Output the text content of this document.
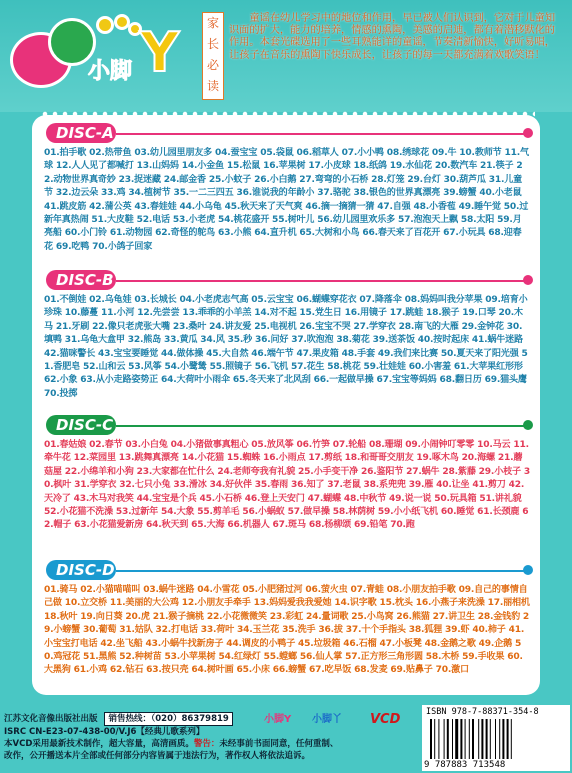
小脚 Y	家长必读
童谣在幼儿学习中的地位和作用，早已被人们认识到，它对于儿童知识面的扩大，能力的培养，情感的熏陶，美感的启迪，都有着潜移默化的作用。本套光碟选用了一些耳熟能详的童谣，节奏清新愉快，好听易唱，让孩子在音乐的熏陶下快乐成长，让孩子的每一天都充满着欢歌笑语！
DISC-A
01.拍手歌 02.热带鱼 03.幼儿园里朋友多 04.蚕宝宝 05.袋鼠 06.稻草人 07.小小鸭 08.绣球花 09.牛 10.教师节 11.气球 12.人人见了都喊打 13.山妈妈 14.小金鱼 15.松鼠 16.苹果树 17.小皮球 18.纸鸽 19.水仙花 20.数汽车 21.筷子 22.动物世界真奇妙 23.捉迷藏 24.邮金香 25.小蚊子 26.小白鹅 27.弯弯的小石桥 28.灯笼 29.台灯 30.葫芦瓜 31.儿童节 32.边云朵 33.鸡 34.植树节 35.一二三四五 36.谁说我的年龄小 37.骆驼 38.银色的世界真漂亮 39.螃蟹 40.小老鼠 41.跳皮筋 42.蒲公英 43.春娃娃 44.小乌龟 45.秋天来了天气爽 46.摘一摘猜一猜 47.自强 48.小香苞 49.睡午觉 50.过新年真热闹 51.大皮鞋 52.电话 53.小老虎 54.桃花盛开 55.树叶儿 56.幼儿园里欢乐多 57.泡泡天上飘 58.太阳 59.月亮船 60.小门铃 61.动物园 62.奇怪的鸵鸟 63.小熊 64.直升机 65.大树和小鸟 66.春天来了百花开 67.小玩具 68.迎春花 69.吃鸭 70.小鸽子回家
DISC-B
01.不倒娃 02.乌龟娃 03.长城长 04.小老虎志气高 05.云宝宝 06.蝴蝶穿花衣 07.降落伞 08.妈妈叫我分苹果 09.培育小珍珠 10.藤蔓 11.小河 12.先尝尝 13.乖乖的小羊羔 14.对不起 15.党生日 16.用镜子 17.跳蛙 18.猴子 19.口琴 20.木马 21.牙刷 22.像只老虎张大嘴 23.桑叶 24.讲友爱 25.电视机 26.宝宝不哭 27.学穿衣 28.南飞的大雁 29.金钟花 30.填鸭 31.乌龟大盒甲 32.熊岛 33.黄瓜 34.风 35.秒 36.问好 37.吹泡泡 38.菊花 39.送茶饭 40.按时起床 41.蜗牛迷路 42.猫咪警长 43.宝宝要睡觉 44.做体操 45.大自然 46.端午节 47.果皮箱 48.手套 49.我们来比赛 50.夏天来了阳光强 51.香肥皂 52.山和云 53.风筝 54.小鹭鸶 55.照镜子 56.飞机 57.花生 58.桃花 59.壮娃娃 60.小害羞 61.大苹果红形形 62.小象 63.从小走路姿势正 64.大荷叶小雨伞 65.冬天来了北风刮 66.一起做早操 67.宝宝等妈妈 68.翻日历 69.猫头鹰 70.投掷
DISC-C
01.春姑娘 02.春节 03.小白兔 04.小猪做事真粗心 05.放风筝 06.竹笋 07.轮船 08.珊瑚 09.小闹钟叮零零 10.马云 11.牵牛花 12.菜园里 13.跳舞真漂亮 14.小花猫 15.蜘蛛 16.小雨点 17.剪纸 18.和哥哥交朋友 19.啄木鸟 20.海螺 21.蘑菇屋 22.小绵羊和小狗 23.大家都在忙什么 24.老师夸我有礼貌 25.小手变干净 26.鉴阳节 27.蜗牛 28.紫藤 29.小枝子 30.枫叶 31.学穿衣 32.七只小兔 33.滑冰 34.好伙伴 35.春雨 36.知了 37.老鼠 38.系兜兜 39.雁 40.让坐 41.剪刀 42.天冷了 43.木马对我笑 44.宝宝是个兵 45.小石桥 46.登上天安门 47.蝴蝶 48.中秋节 49.说一说 50.玩具箱 51.讲礼貌 52.小花猫不洗澡 53.过新年 54.大象 55.剪羊毛 56.小蜗蚁 57.做早操 58.林荫树 59.小小纸飞机 60.睡觉 61.长颈鹿 62.帽子 63.小花猫爱新房 64.秋天到 65.大海 66.机器人 67.斑马 68.杨柳颂 69.铅笔 70.跑
DISC-D
01.骑马 02.小猫喵喵叫 03.蜗牛迷路 04.小雪花 05.小肥猪过河 06.萤火虫 07.青蛙 08.小朋友拍手歌 09.自己的事情自己做 10.立交桥 11.美丽的大公鸡 12.小朋友手牵手 13.妈妈爱我我爱她 14.识字歌 15.枕头 16.小燕子来洗澡 17.丽相机 18.秋叶 19.向日葵 20.虎 21.猴子摘桃 22.小花微微笑 23.彩虹 24.量词歌 25.小鸟窝 26.熊猫 27.讲卫生 28.金钱豹 29.小螃蟹 30.葡萄 31.姑队 32.打电话 33.荷叶 34.玉兰花 35.洗手 36.拔 37.十个手指头 38.狐狸 39.虾 40.柿子 41.小宝宝打电话 42.坐飞船 43.小蜗牛找新房子 44.调皮的小鸭子 45.垃圾箱 46.石榴 47.小板凳 48.金鹅之歌 49.企鹅 50.鸡冠花 51.黑熊 52.种树苗 53.小苹果树 54.红绿灯 55.螳螂 56.仙人掌 57.正方形三角形圆 58.木桥 59.手收果 60.大黑狗 61.小鸡 62.钻石 63.按只壳 64.树叶画 65.小床 66.螃蟹 67.吃早饭 68.发麦 69.贴鼻子 70.激口
江苏文化音像出版社出版 销售热线：（020）86379819
ISRC CN-E23-07-438-00/V.J6【经典儿歌系列】
本VCD采用最新技术制作，超大容量，高清画质。警告：未经事前书面同意，任何重制、改作，公开播送本片全部或任何部分内容皆属于违法行为，著作权人将依法追诉。
小脚Y 小脚丫 VCD	ISBN 978-7-88371-354-8
9 787883 713548
